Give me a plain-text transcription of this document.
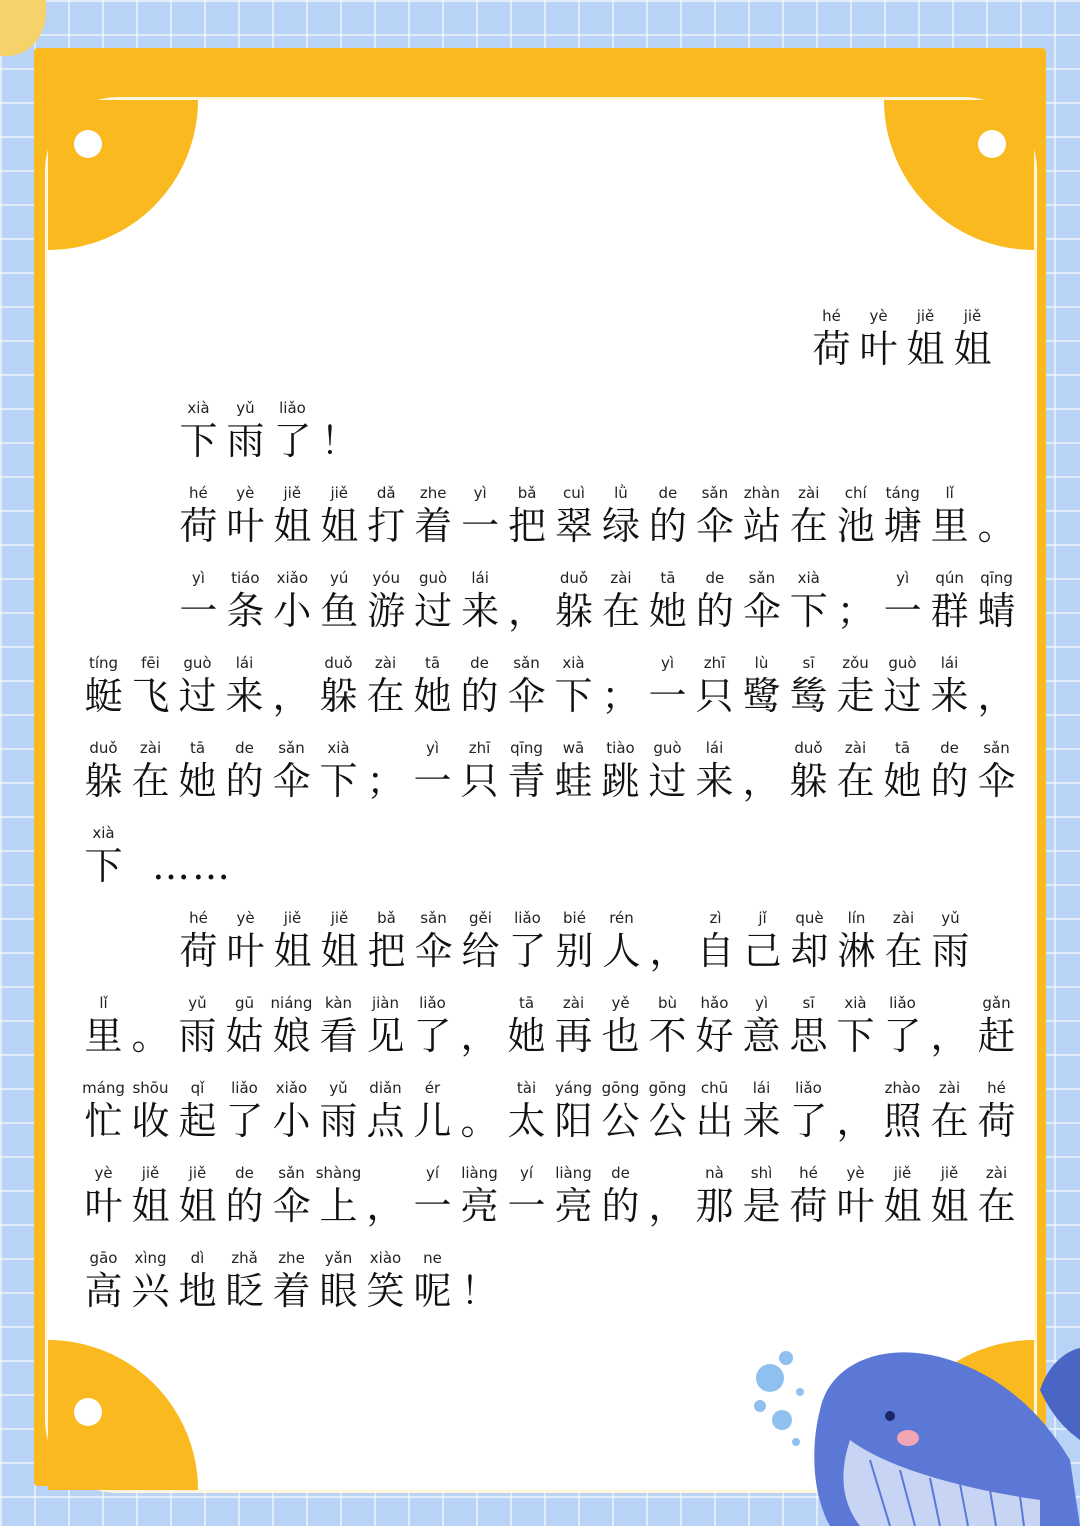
hé
荷
yè
叶
jiě
姐
jiě
姐
xià
下
yǔ
雨
liǎo
了 ！
hé
荷
yè
叶
jiě
姐
jiě
姐
dǎ
打
zhe
着
yì
一
bǎ
把
cuì
翠
lǜ
绿
de
的
sǎn
伞
zhàn
站
zài
在
chí
池
táng
塘
lǐ
里 。
yì
一
tiáo
条
xiǎo
小
yú
鱼
yóu
游
guò
过
lái
来 ，
duǒ
躲
zài
在
tā
她
de
的
sǎn
伞
xià
下 ；
yì
一
qún
群
qīng
蜻
tíng
蜓
fēi
飞
guò
过
lái
来 ，
duǒ
躲
zài
在
tā
她
de
的
sǎn
伞
xià
下 ；
yì
一
zhī
只
lù
鹭
sī
鸶
zǒu
走
guò
过
lái
来 ，
duǒ
躲
zài
在
tā
她
de
的
sǎn
伞
xià
下 ；
yì
一
zhī
只
qīng
青
wā
蛙
tiào
跳
guò
过
lái
来 ，
duǒ
躲
zài
在
tā
她
de
的
sǎn
伞
xià
下 ……
hé
荷
yè
叶
jiě
姐
jiě
姐
bǎ
把
sǎn
伞
gěi
给
liǎo
了
bié
别
rén
人 ，
zì
自
jǐ
己
què
却
lín
淋
zài
在
yǔ
雨
lǐ
里 。
yǔ
雨
gū
姑
niáng
娘
kàn
看
jiàn
见
liǎo
了 ，
tā
她
zài
再
yě
也
bù
不
hǎo
好
yì
意
sī
思
xià
下
liǎo
了 ，
gǎn
赶
máng
忙
shōu
收
qǐ
起
liǎo
了
xiǎo
小
yǔ
雨
diǎn
点
ér
儿 。
tài
太
yáng
阳
gōng
公
gōng
公
chū
出
lái
来
liǎo
了 ，
zhào
照
zài
在
hé
荷
yè
叶
jiě
姐
jiě
姐
de
的
sǎn
伞
shàng
上 ，
yí
一
liàng
亮
yí
一
liàng
亮
de
的 ，
nà
那
shì
是
hé
荷
yè
叶
jiě
姐
jiě
姐
zài
在
gāo
高
xìng
兴
dì
地
zhǎ
眨
zhe
着
yǎn
眼
xiào
笑
ne
呢 ！
